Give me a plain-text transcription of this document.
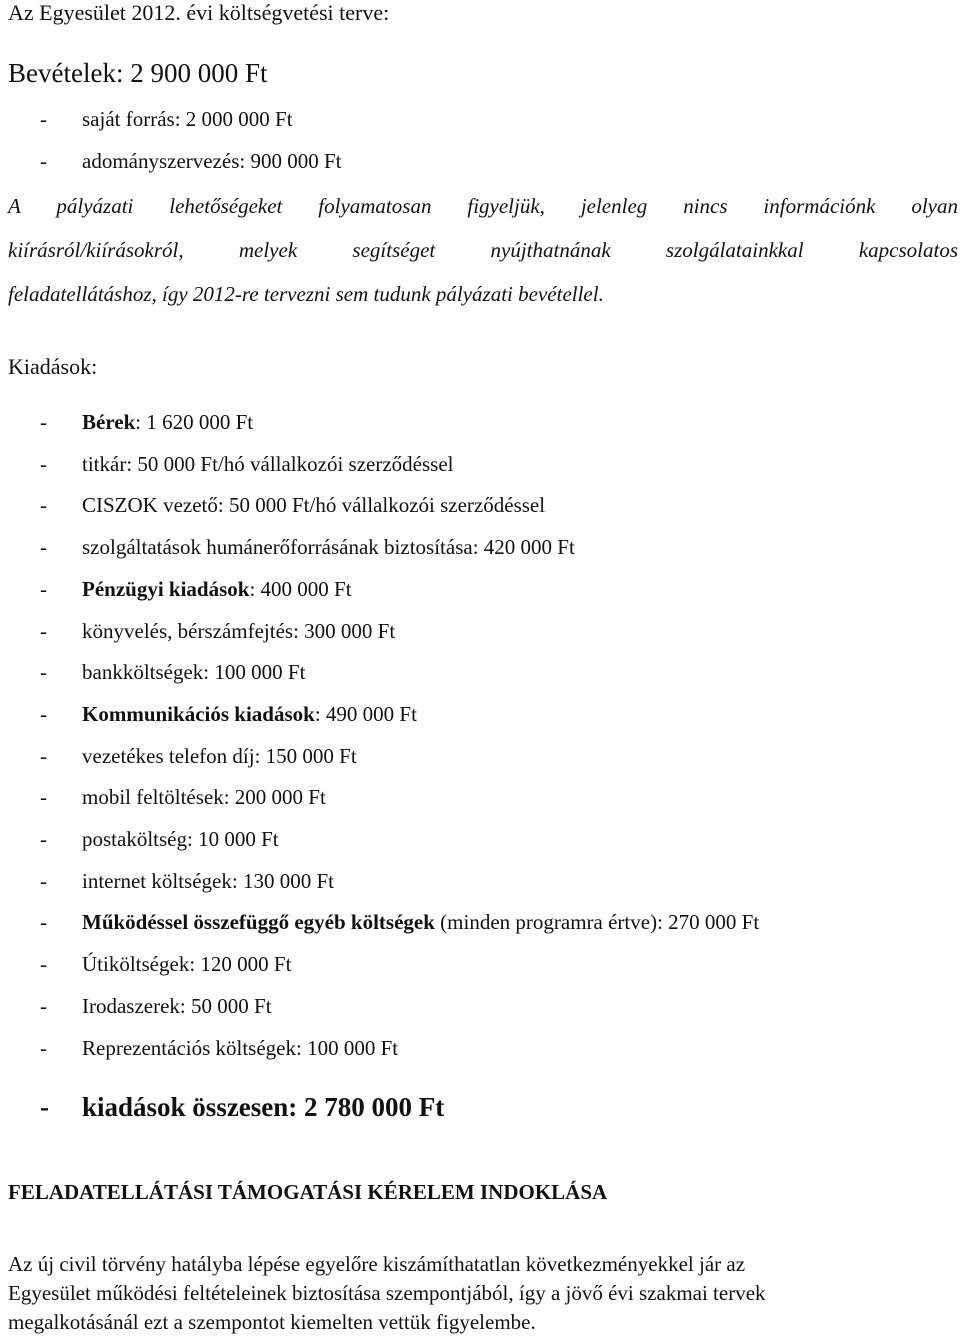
Az Egyesület 2012. évi költségvetési terve:
Bevételek: 2 900 000 Ft
- saját forrás: 2 000 000 Ft
- adományszervezés: 900 000 Ft
A pályázati lehetőségeket folyamatosan figyeljük, jelenleg nincs információnk olyan
kiírásról/kiírásokról, melyek segítséget nyújthatnának szolgálatainkkal kapcsolatos
feladatellátáshoz, így 2012-re tervezni sem tudunk pályázati bevétellel.
Kiadások:
- Bérek: 1 620 000 Ft
- titkár: 50 000 Ft/hó vállalkozói szerződéssel
- CISZOK vezető: 50 000 Ft/hó vállalkozói szerződéssel
- szolgáltatások humánerőforrásának biztosítása: 420 000 Ft
- Pénzügyi kiadások: 400 000 Ft
- könyvelés, bérszámfejtés: 300 000 Ft
- bankköltségek: 100 000 Ft
- Kommunikációs kiadások: 490 000 Ft
- vezetékes telefon díj: 150 000 Ft
- mobil feltöltések: 200 000 Ft
- postaköltség: 10 000 Ft
- internet költségek: 130 000 Ft
- Működéssel összefüggő egyéb költségek (minden programra értve): 270 000 Ft
- Útiköltségek: 120 000 Ft
- Irodaszerek: 50 000 Ft
- Reprezentációs költségek: 100 000 Ft
- kiadások összesen: 2 780 000 Ft
FELADATELLÁTÁSI TÁMOGATÁSI KÉRELEM INDOKLÁSA
Az új civil törvény hatályba lépése egyelőre kiszámíthatatlan következményekkel jár az
Egyesület működési feltételeinek biztosítása szempontjából, így a jövő évi szakmai tervek
megalkotásánál ezt a szempontot kiemelten vettük figyelembe.
